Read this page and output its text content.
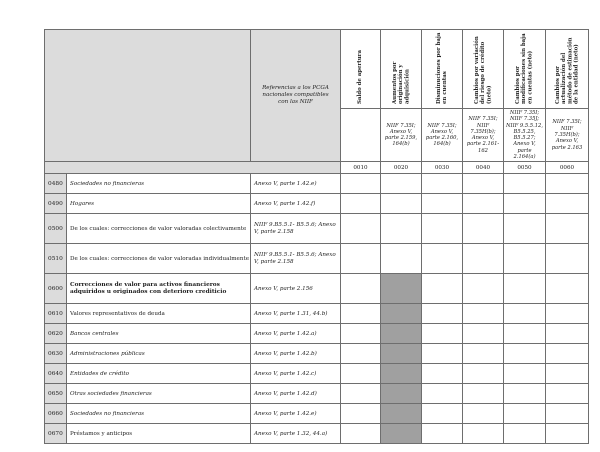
		Referencias a los PCGA nacionales compatibles con las NIIF	Saldo de apertura	Aumentos por originación y adquisición	Disminuciones por baja en cuentas	Cambios por variación del riesgo de crédito (neto)	Cambios por modificaciones sin baja en cuentas (neto)	Cambios por actualización del método de estimación de la entidad (neto)	

				NIIF 7.35I; Anexo V, parte 2.159, 164(b)	NIIF 7.35I; Anexo V, parte 2.160, 164(b)	NIIF 7.35I; NIIF 7.35H(b); Anexo V, parte 2.161-162	NIIF 7.35I; NIIF 7.35J; NIIF 9.5.5.12, B5.5.25, B5.5.27; Anexo V, parte 2.164(a)	NIIF 7.35I; NIIF 7.35H(b); Anexo V, parte 2.163	
			0010	0020	0030	0040	0050	0060	
0480	Sociedades no financieras	Anexo V, parte 1.42.e)							
0490	Hogares	Anexo V, parte 1.42.f)							
0500	De los cuales: correcciones de valor valoradas colectivamente	NIIF 9.B5.5.1- B5.5.6; Anexo V, parte 2.158							
0510	De los cuales: correcciones de valor valoradas individualmente	NIIF 9.B5.5.1- B5.5.6; Anexo V, parte 2.158							
0600	Correcciones de valor para activos financieros adquiridos u originados con deterioro crediticio	Anexo V, parte 2.156							
0610	Valores representativos de deuda	Anexo V, parte 1.31, 44.b)							
0620	Bancos centrales	Anexo V, parte 1.42.a)							
0630	Administraciones públicas	Anexo V, parte 1.42.b)							
0640	Entidades de crédito	Anexo V, parte 1.42.c)							
0650	Otras sociedades financieras	Anexo V, parte 1.42.d)							
0660	Sociedades no financieras	Anexo V, parte 1.42.e)							
0670	Préstamos y anticipos	Anexo V, parte 1.32, 44.a)							
